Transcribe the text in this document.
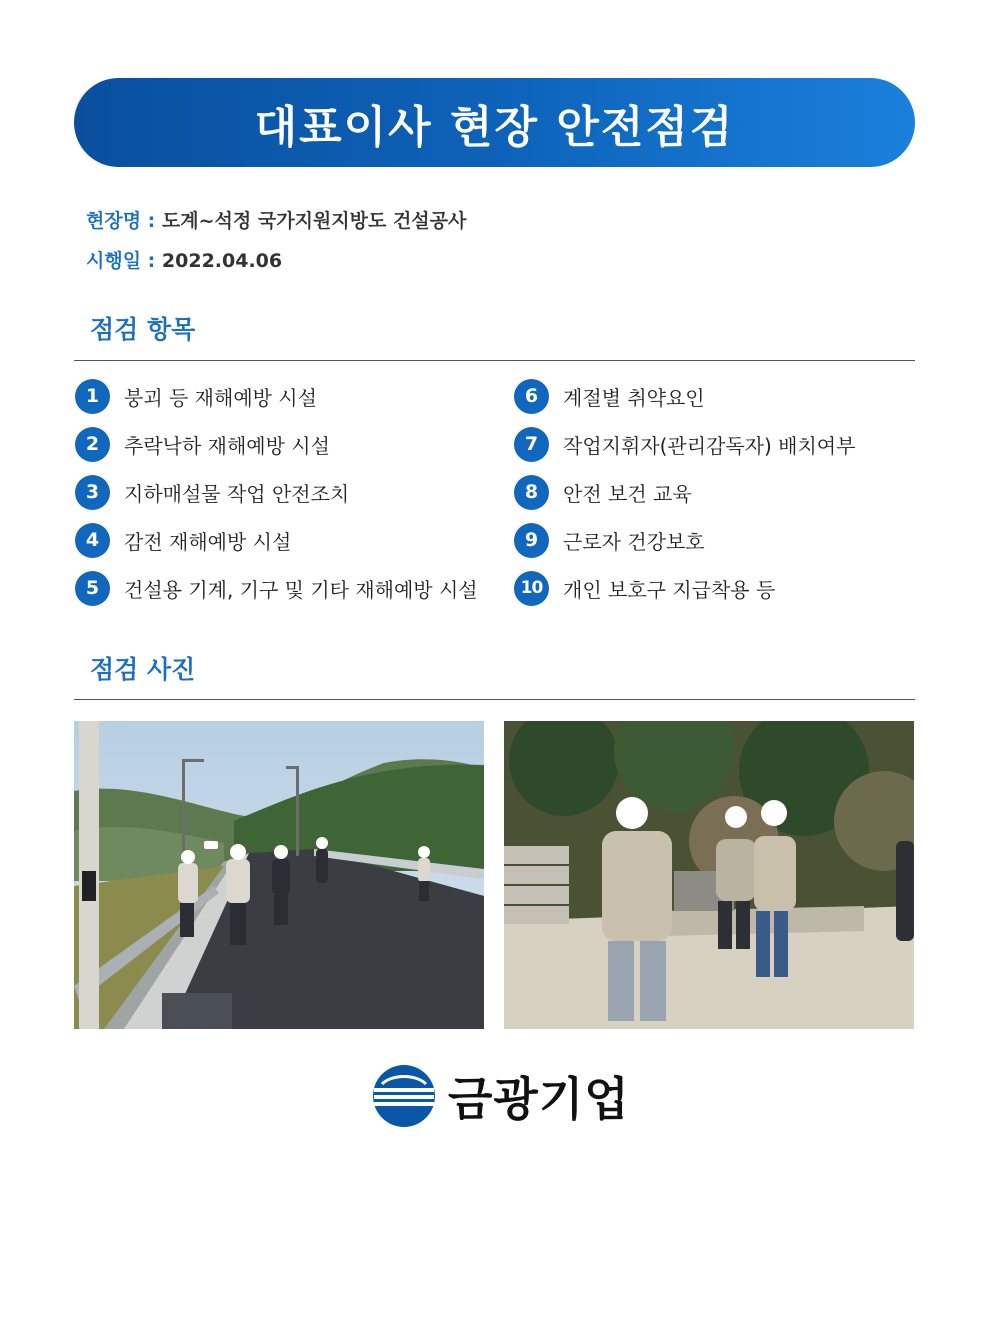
대표이사 현장 안전점검
현장명 : 도계~석정 국가지원지방도 건설공사
시행일 : 2022.04.06
점검 항목
1	붕괴 등 재해예방 시설
2	추락낙하 재해예방 시설
3	지하매설물 작업 안전조치
4	감전 재해예방 시설
5	건설용 기계, 기구 및 기타 재해예방 시설
6	계절별 취약요인
7	작업지휘자(관리감독자) 배치여부
8	안전 보건 교육
9	근로자 건강보호
10	개인 보호구 지급착용 등
점검 사진
금광기업
